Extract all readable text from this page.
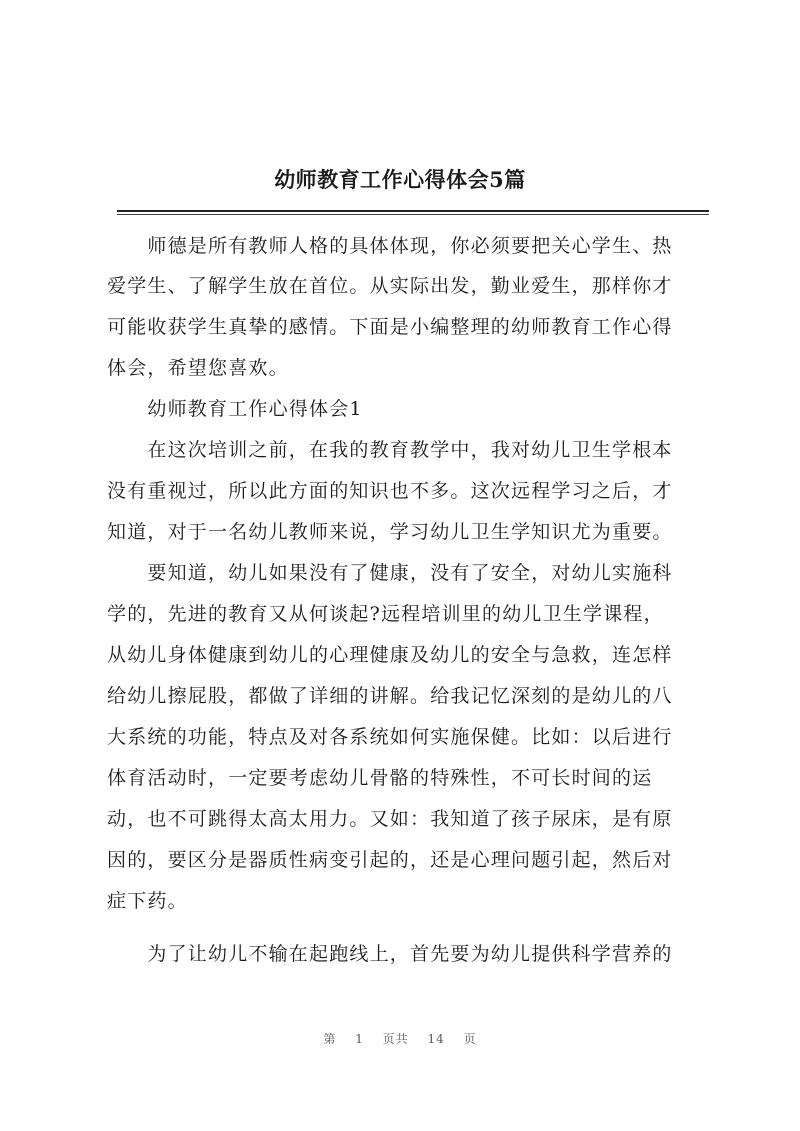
幼师教育工作心得体会5篇
　　师德是所有教师人格的具体体现，你必须要把关心学生、热
爱学生、了解学生放在首位。从实际出发，勤业爱生，那样你才
可能收获学生真挚的感情。下面是小编整理的幼师教育工作心得
体会，希望您喜欢。
　　幼师教育工作心得体会1
　　在这次培训之前，在我的教育教学中，我对幼儿卫生学根本
没有重视过，所以此方面的知识也不多。这次远程学习之后，才
知道，对于一名幼儿教师来说，学习幼儿卫生学知识尤为重要。
　　要知道，幼儿如果没有了健康，没有了安全，对幼儿实施科
学的，先进的教育又从何谈起?远程培训里的幼儿卫生学课程，
从幼儿身体健康到幼儿的心理健康及幼儿的安全与急救，连怎样
给幼儿擦屁股，都做了详细的讲解。给我记忆深刻的是幼儿的八
大系统的功能，特点及对各系统如何实施保健。比如：以后进行
体育活动时，一定要考虑幼儿骨骼的特殊性，不可长时间的运
动，也不可跳得太高太用力。又如：我知道了孩子尿床，是有原
因的，要区分是器质性病变引起的，还是心理问题引起，然后对
症下药。
　　为了让幼儿不输在起跑线上，首先要为幼儿提供科学营养的
第 1 页共 14 页
